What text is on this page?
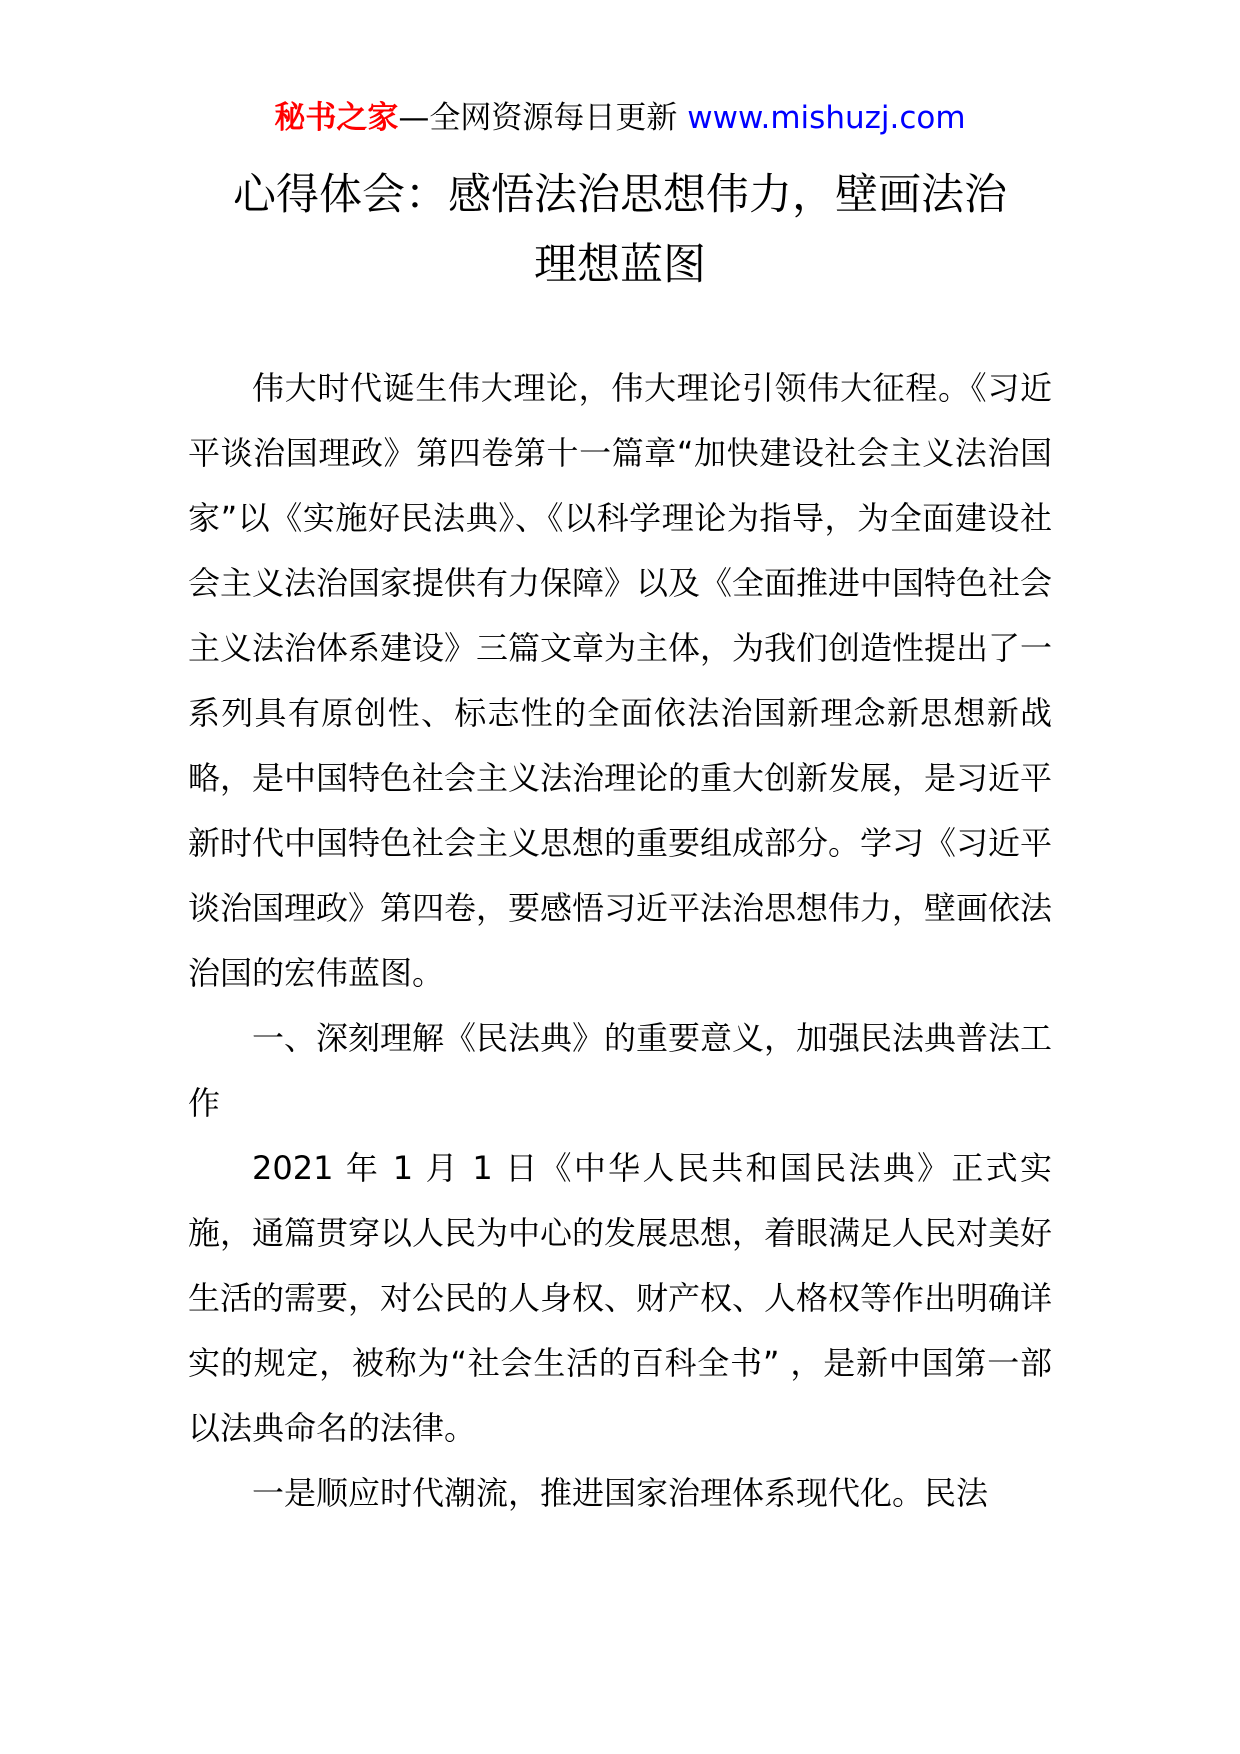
秘书之家—全网资源每日更新 www.mishuzj.com
心得体会：感悟法治思想伟力，壁画法治
理想蓝图

伟大时代诞生伟大理论，伟大理论引领伟大征程。《习近平谈治国理政》第四卷第十一篇章“加快建设社会主义法治国家”以《实施好民法典》、《以科学理论为指导，为全面建设社会主义法治国家提供有力保障》以及《全面推进中国特色社会主义法治体系建设》三篇文章为主体，为我们创造性提出了一系列具有原创性、标志性的全面依法治国新理念新思想新战略，是中国特色社会主义法治理论的重大创新发展，是习近平新时代中国特色社会主义思想的重要组成部分。学习《习近平谈治国理政》第四卷，要感悟习近平法治思想伟力，壁画依法治国的宏伟蓝图。

一、深刻理解《民法典》的重要意义，加强民法典普法工作

2021 年 1 月 1 日《中华人民共和国民法典》正式实施，通篇贯穿以人民为中心的发展思想，着眼满足人民对美好生活的需要，对公民的人身权、财产权、人格权等作出明确详实的规定，被称为“社会生活的百科全书” ，是新中国第一部以法典命名的法律。

一是顺应时代潮流，推进国家治理体系现代化。民法
